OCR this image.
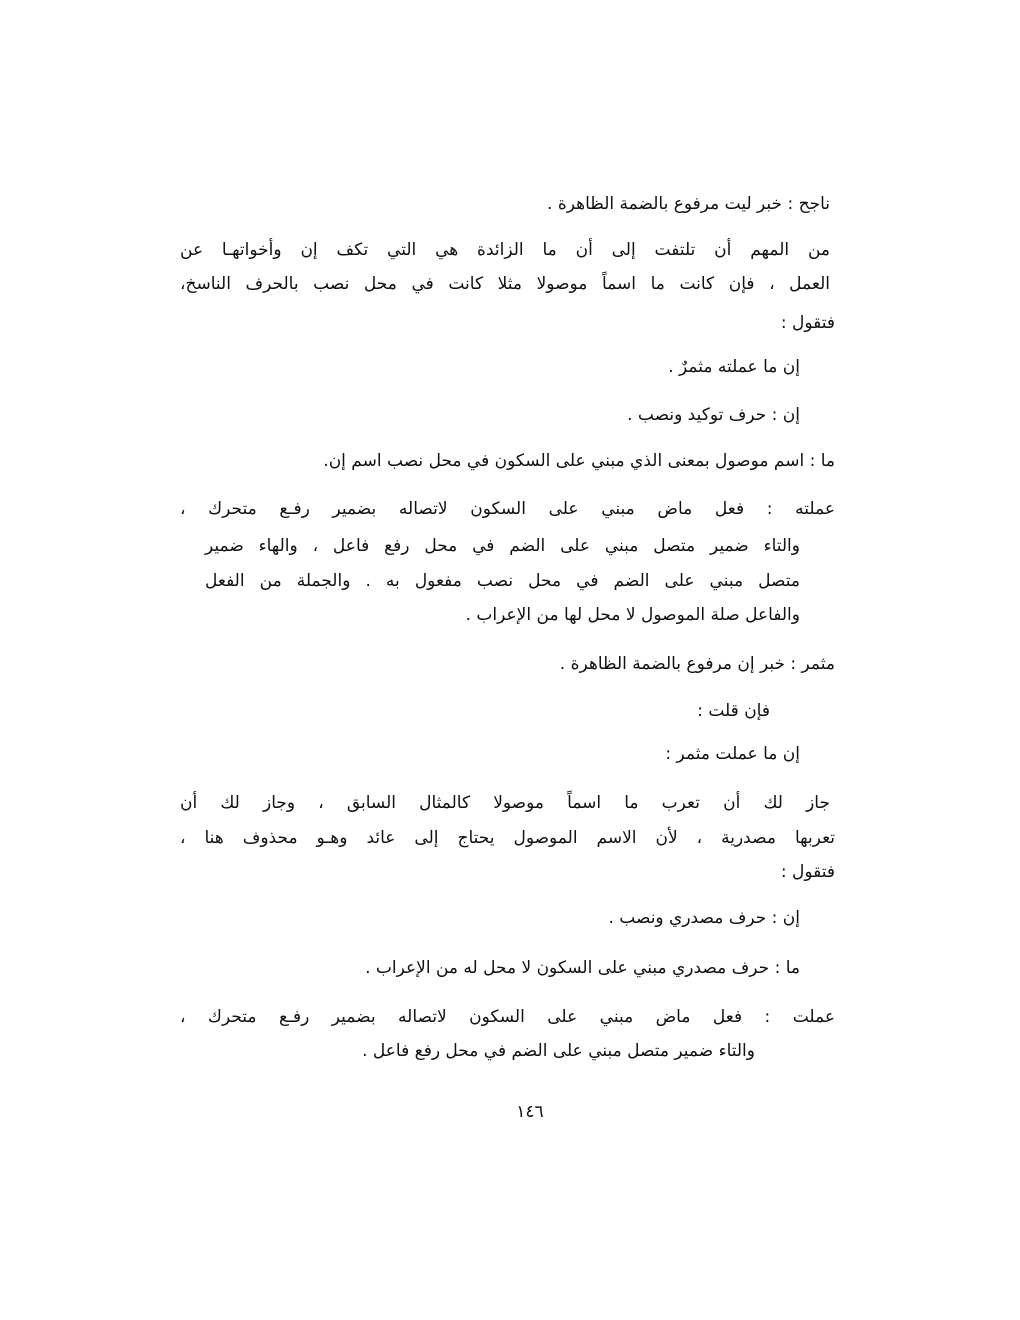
ناجح : خبر ليت مرفوع بالضمة الظاهرة .
من المهم أن تلتفت إلى أن ما الزائدة هي التي تكف إن وأخواتهـا عن
العمل ، فإن كانت ما اسماً موصولا مثلا كانت في محل نصب بالحرف الناسخ،
فتقول :
إن ما عملته مثمرٌ .
إن : حرف توكيد ونصب .
ما : اسم موصول بمعنى الذي مبني على السكون في محل نصب اسم إن.
عملته : فعل ماض مبني على السكون لاتصاله بضمير رفـع متحرك ،
والتاء ضمير متصل مبني على الضم في محل رفع فاعل ، والهاء ضمير
متصل مبني على الضم في محل نصب مفعول به . والجملة من الفعل
والفاعل صلة الموصول لا محل لها من الإعراب .
مثمر : خبر إن مرفوع بالضمة الظاهرة .
فإن قلت :
إن ما عملت مثمر :
جاز لك أن تعرب ما اسماً موصولا كالمثال السابق ، وجاز لك أن
تعربها مصدرية ، لأن الاسم الموصول يحتاج إلى عائد وهـو محذوف هنا ،
فتقول :
إن : حرف مصدري ونصب .
ما : حرف مصدري مبني على السكون لا محل له من الإعراب .
عملت : فعل ماض مبني على السكون لاتصاله بضمير رفـع متحرك ،
والتاء ضمير متصل مبني على الضم في محل رفع فاعل .
١٤٦
